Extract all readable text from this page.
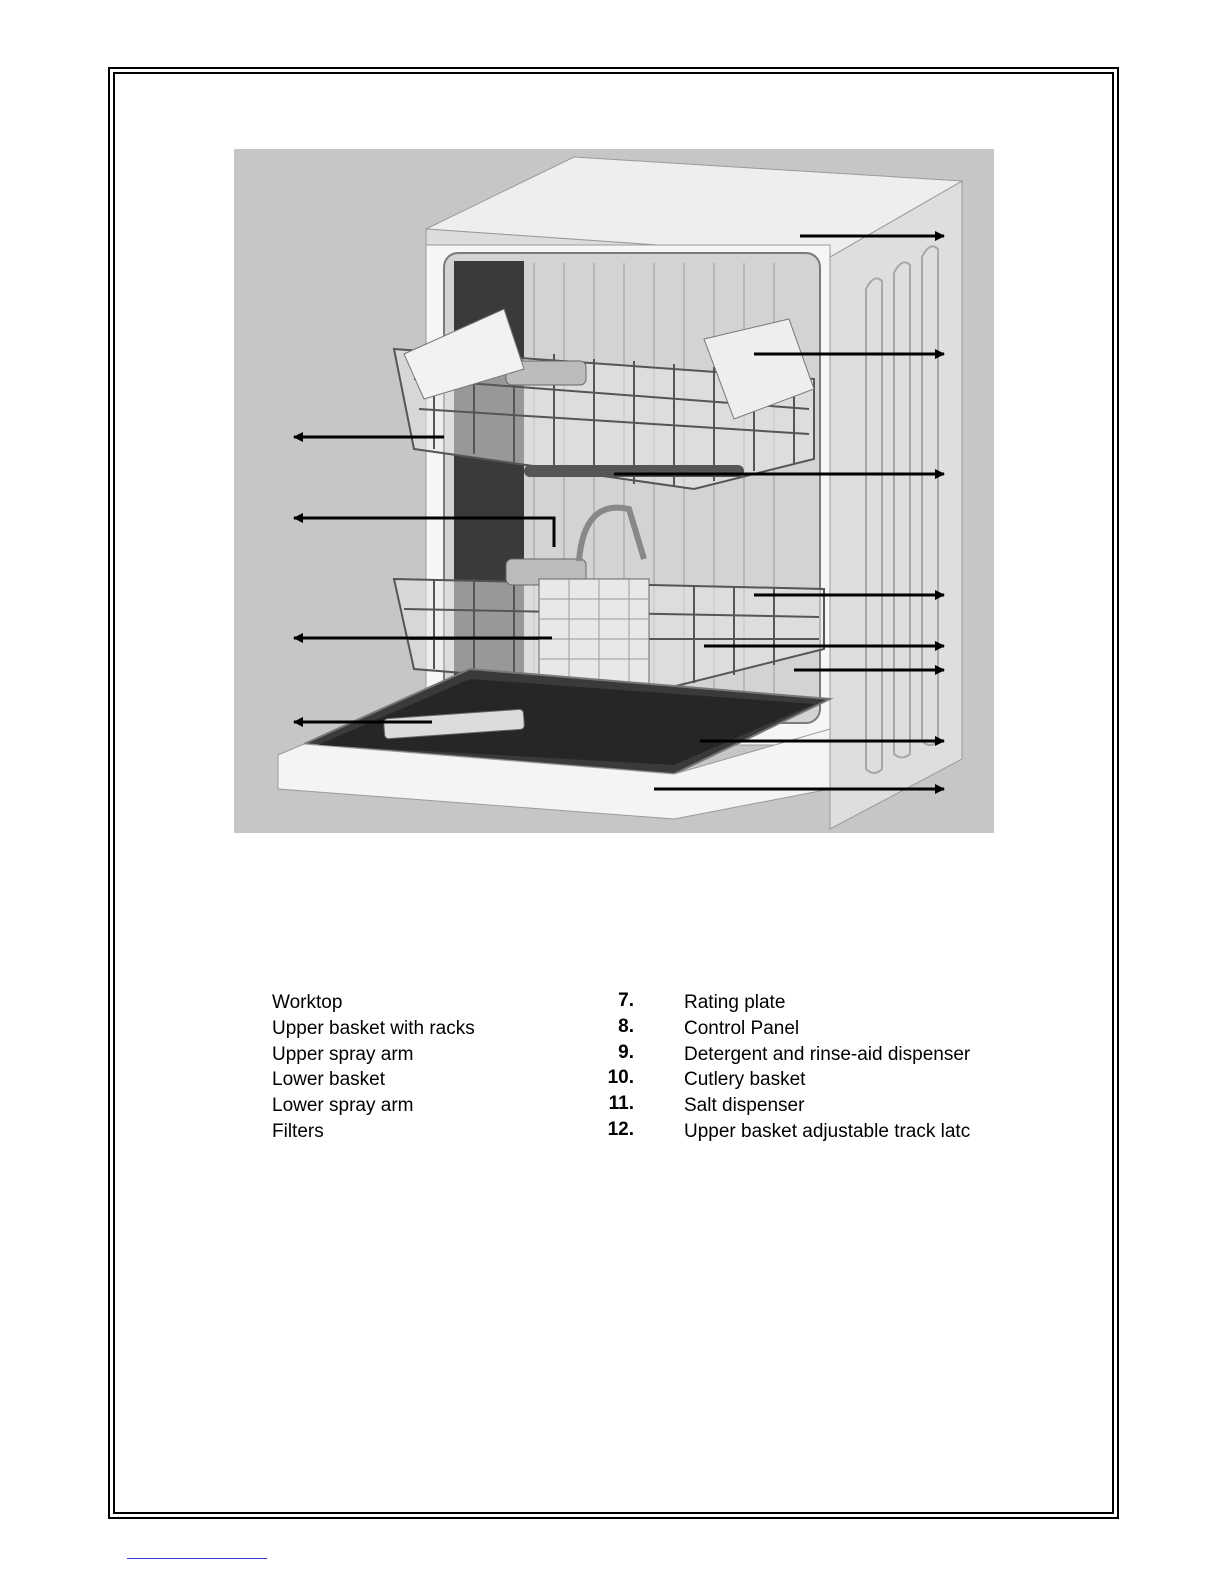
Worktop
Upper basket with racks
Upper spray arm
Lower basket
Lower spray arm
Filters
7.
8.
9.
10.
11.
12.
Rating plate
Control Panel
Detergent and rinse-aid dispenser
Cutlery basket
Salt dispenser
Upper basket adjustable track latc
